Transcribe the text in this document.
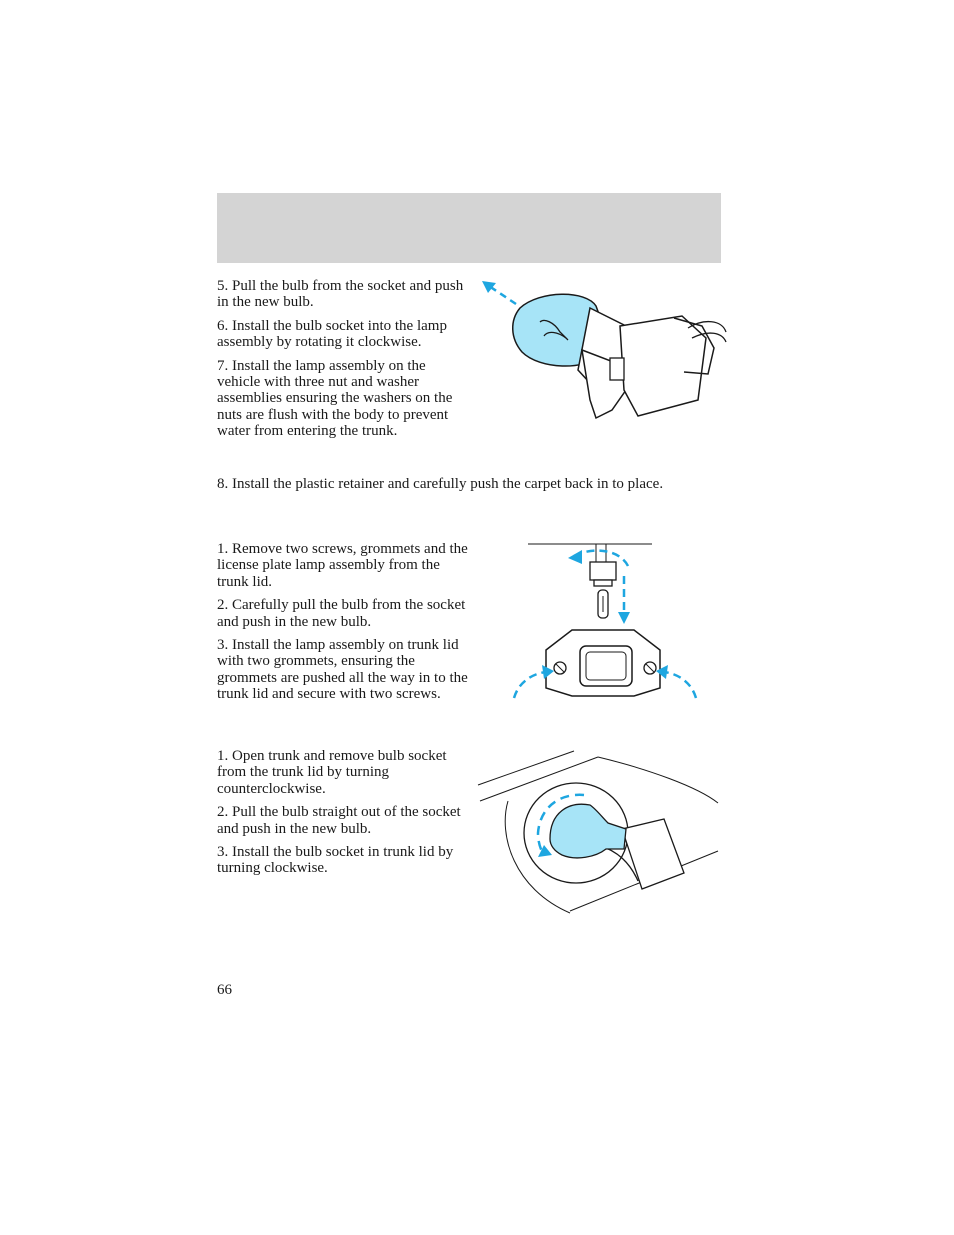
5. Pull the bulb from the socket and push in the new bulb.

6. Install the bulb socket into the lamp assembly by rotating it clockwise.

7. Install the lamp assembly on the vehicle with three nut and washer assemblies ensuring the washers on the nuts are flush with the body to prevent water from entering the trunk.

8. Install the plastic retainer and carefully push the carpet back in to place.

1. Remove two screws, grommets and the license plate lamp assembly from the trunk lid.

2. Carefully pull the bulb from the socket and push in the new bulb.

3. Install the lamp assembly on trunk lid with two grommets, ensuring the grommets are pushed all the way in to the trunk lid and secure with two screws.

1. Open trunk and remove bulb socket from the trunk lid by turning counterclockwise.

2. Pull the bulb straight out of the socket and push in the new bulb.

3. Install the bulb socket in trunk lid by turning clockwise.

66
